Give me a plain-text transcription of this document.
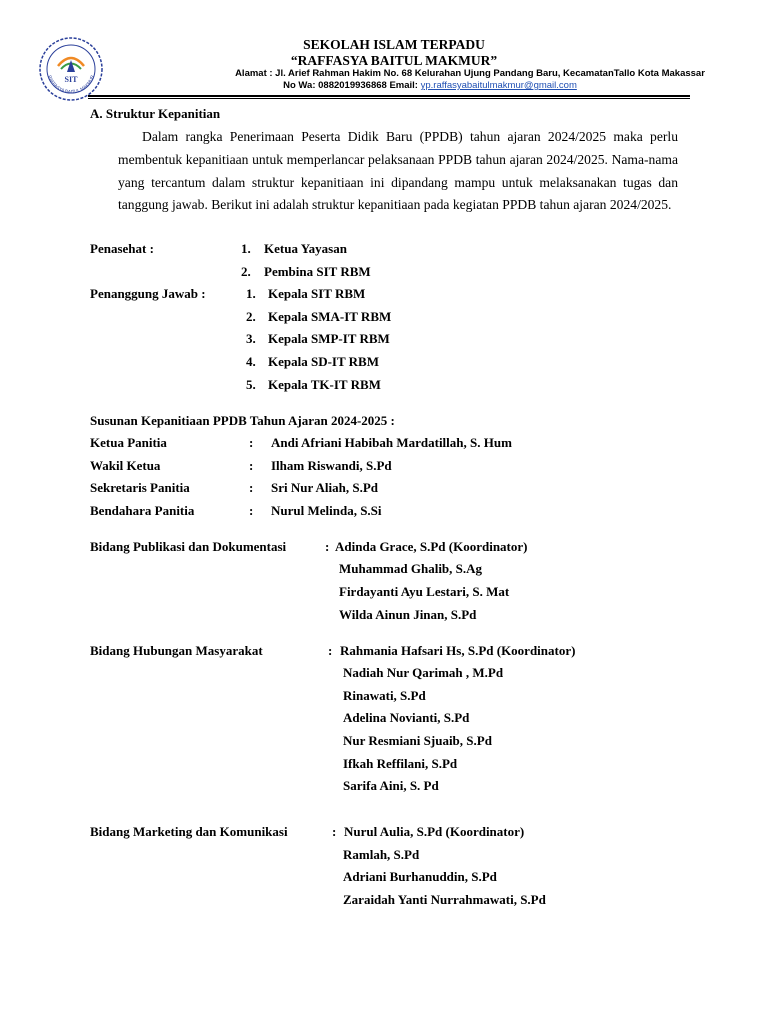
SIT
RAFFASYA BAITUL MAKMUR
SEKOLAH ISLAM TERPADU
“RAFFASYA BAITUL MAKMUR”
Alamat : Jl. Arief Rahman Hakim No. 68 Kelurahan Ujung Pandang Baru, KecamatanTallo Kota Makassar
No Wa: 0882019936868 Email: yp.raffasyabaitulmakmur@gmail.com
A. Struktur Kepanitian
Dalam rangka Penerimaan Peserta Didik Baru (PPDB) tahun ajaran 2024/2025 maka perlu membentuk kepanitiaan untuk memperlancar pelaksanaan PPDB tahun ajaran 2024/2025. Nama-nama yang tercantum dalam struktur kepanitiaan ini dipandang mampu untuk melaksanakan tugas dan tanggung jawab. Berikut ini adalah struktur kepanitiaan pada kegiatan PPDB tahun ajaran 2024/2025.
Penasehat :	1. Ketua Yayasan
2. Pembina SIT RBM
Penanggung Jawab :	1. Kepala SIT RBM
2. Kepala SMA-IT RBM
3. Kepala SMP-IT RBM
4. Kepala SD-IT RBM
5. Kepala TK-IT RBM
Susunan Kepanitiaan PPDB Tahun Ajaran 2024-2025 :
Ketua Panitia	: Andi Afriani Habibah Mardatillah, S. Hum
Wakil Ketua	: Ilham Riswandi, S.Pd
Sekretaris Panitia	: Sri Nur Aliah, S.Pd
Bendahara Panitia	: Nurul Melinda, S.Si
Bidang Publikasi dan Dokumentasi	: Adinda Grace, S.Pd (Koordinator)
Muhammad Ghalib, S.Ag
Firdayanti Ayu Lestari, S. Mat
Wilda Ainun Jinan, S.Pd
Bidang Hubungan Masyarakat	: Rahmania Hafsari Hs, S.Pd (Koordinator)
Nadiah Nur Qarimah , M.Pd
Rinawati, S.Pd
Adelina Novianti, S.Pd
Nur Resmiani Sjuaib, S.Pd
Ifkah Reffilani, S.Pd
Sarifa Aini, S. Pd
Bidang Marketing dan Komunikasi	: Nurul Aulia, S.Pd (Koordinator)
Ramlah, S.Pd
Adriani Burhanuddin, S.Pd
Zaraidah Yanti Nurrahmawati, S.Pd
